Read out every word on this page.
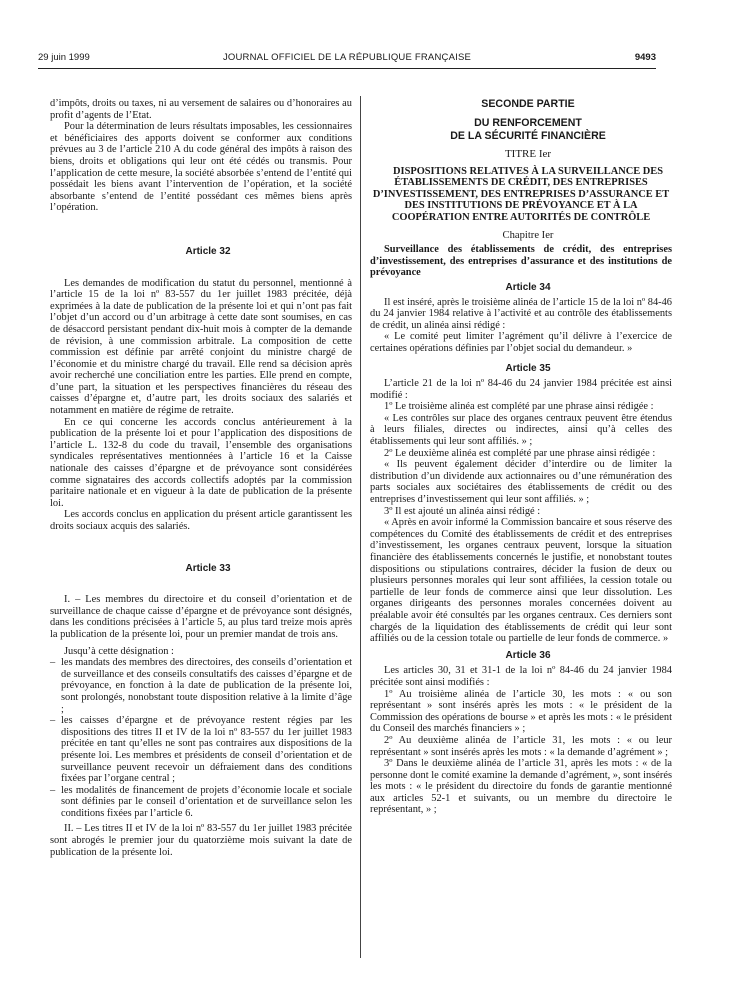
29 juin 1999	JOURNAL OFFICIEL DE LA RÉPUBLIQUE FRANÇAISE	9493

d’impôts, droits ou taxes, ni au versement de salaires ou d’honoraires au profit d’agents de l’Etat.

Pour la détermination de leurs résultats imposables, les cessionnaires et bénéficiaires des apports doivent se conformer aux conditions prévues au 3 de l’article 210 A du code général des impôts à raison des biens, droits et obligations qui leur ont été cédés ou transmis. Pour l’application de cette mesure, la société absorbée s’entend de l’entité qui possédait les biens avant l’intervention de l’opération, et la société absorbante s’entend de l’entité possédant ces mêmes biens après l’opération.

Article 32

Les demandes de modification du statut du personnel, mentionné à l’article 15 de la loi nº 83-557 du 1er juillet 1983 précitée, déjà exprimées à la date de publication de la présente loi et qui n’ont pas fait l’objet d’un accord ou d’un arbitrage à cette date sont soumises, en cas de désaccord persistant pendant dix-huit mois à compter de la demande de révision, à une commission arbitrale. La composition de cette commission est définie par arrêté conjoint du ministre chargé de l’économie et du ministre chargé du travail. Elle rend sa décision après avoir recherché une conciliation entre les parties. Elle prend en compte, d’une part, la situation et les perspectives financières du réseau des caisses d’épargne et, d’autre part, les droits sociaux des salariés et notamment en matière de régime de retraite.

En ce qui concerne les accords conclus antérieurement à la publication de la présente loi et pour l’application des dispositions de l’article L. 132-8 du code du travail, l’ensemble des organisations syndicales représentatives mentionnées à l’article 16 et la Caisse nationale des caisses d’épargne et de prévoyance sont considérées comme signataires des accords collectifs adoptés par la commission paritaire nationale et en vigueur à la date de publication de la présente loi.

Les accords conclus en application du présent article garantissent les droits sociaux acquis des salariés.

Article 33

I. – Les membres du directoire et du conseil d’orientation et de surveillance de chaque caisse d’épargne et de prévoyance sont désignés, dans les conditions précisées à l’article 5, au plus tard treize mois après la publication de la présente loi, pour un premier mandat de trois ans.

Jusqu’à cette désignation :

– les mandats des membres des directoires, des conseils d’orientation et de surveillance et des conseils consultatifs des caisses d’épargne et de prévoyance, en fonction à la date de publication de la présente loi, sont prolongés, nonobstant toute disposition relative à la limite d’âge ;
– les caisses d’épargne et de prévoyance restent régies par les dispositions des titres II et IV de la loi nº 83-557 du 1er juillet 1983 précitée en tant qu’elles ne sont pas contraires aux dispositions de la présente loi. Les membres et présidents de conseil d’orientation et de surveillance peuvent recevoir un défraiement dans des conditions fixées par l’organe central ;
– les modalités de financement de projets d’économie locale et sociale sont définies par le conseil d’orientation et de surveillance selon les conditions fixées par l’article 6.

II. – Les titres II et IV de la loi nº 83-557 du 1er juillet 1983 précitée sont abrogés le premier jour du quatorzième mois suivant la date de publication de la présente loi.

SECONDE PARTIE

DU RENFORCEMENT

DE LA SÉCURITÉ FINANCIÈRE

TITRE Ier

DISPOSITIONS RELATIVES À LA SURVEILLANCE DES ÉTABLISSEMENTS DE CRÉDIT, DES ENTREPRISES D’INVESTISSEMENT, DES ENTREPRISES D’ASSURANCE ET DES INSTITUTIONS DE PRÉVOYANCE ET À LA COOPÉRATION ENTRE AUTORITÉS DE CONTRÔLE

Chapitre Ier

Surveillance des établissements de crédit, des entreprises d’investissement, des entreprises d’assurance et des institutions de prévoyance

Article 34

Il est inséré, après le troisième alinéa de l’article 15 de la loi nº 84-46 du 24 janvier 1984 relative à l’activité et au contrôle des établissements de crédit, un alinéa ainsi rédigé :

« Le comité peut limiter l’agrément qu’il délivre à l’exercice de certaines opérations définies par l’objet social du demandeur. »

Article 35

L’article 21 de la loi nº 84-46 du 24 janvier 1984 précitée est ainsi modifié :

1º Le troisième alinéa est complété par une phrase ainsi rédigée :

« Les contrôles sur place des organes centraux peuvent être étendus à leurs filiales, directes ou indirectes, ainsi qu’à celles des établissements qui leur sont affiliés. » ;

2º Le deuxième alinéa est complété par une phrase ainsi rédigée :

« Ils peuvent également décider d’interdire ou de limiter la distribution d’un dividende aux actionnaires ou d’une rémunération des parts sociales aux sociétaires des établissements de crédit ou des entreprises d’investissement qui leur sont affiliés. » ;

3º Il est ajouté un alinéa ainsi rédigé :

« Après en avoir informé la Commission bancaire et sous réserve des compétences du Comité des établissements de crédit et des entreprises d’investissement, les organes centraux peuvent, lorsque la situation financière des établissements concernés le justifie, et nonobstant toutes dispositions ou stipulations contraires, décider la fusion de deux ou plusieurs personnes morales qui leur sont affiliées, la cession totale ou partielle de leur fonds de commerce ainsi que leur dissolution. Les organes dirigeants des personnes morales concernées doivent au préalable avoir été consultés par les organes centraux. Ces derniers sont chargés de la liquidation des établissements de crédit qui leur sont affiliés ou de la cession totale ou partielle de leur fonds de commerce. »

Article 36

Les articles 30, 31 et 31-1 de la loi nº 84-46 du 24 janvier 1984 précitée sont ainsi modifiés :

1º Au troisième alinéa de l’article 30, les mots : « ou son représentant » sont insérés après les mots : « le président de la Commission des opérations de bourse » et après les mots : « le président du Conseil des marchés financiers » ;

2º Au deuxième alinéa de l’article 31, les mots : « ou leur représentant » sont insérés après les mots : « la demande d’agrément » ;

3º Dans le deuxième alinéa de l’article 31, après les mots : « de la personne dont le comité examine la demande d’agrément, », sont insérés les mots : « le président du directoire du fonds de garantie mentionné aux articles 52-1 et suivants, ou un membre du directoire le représentant, » ;
